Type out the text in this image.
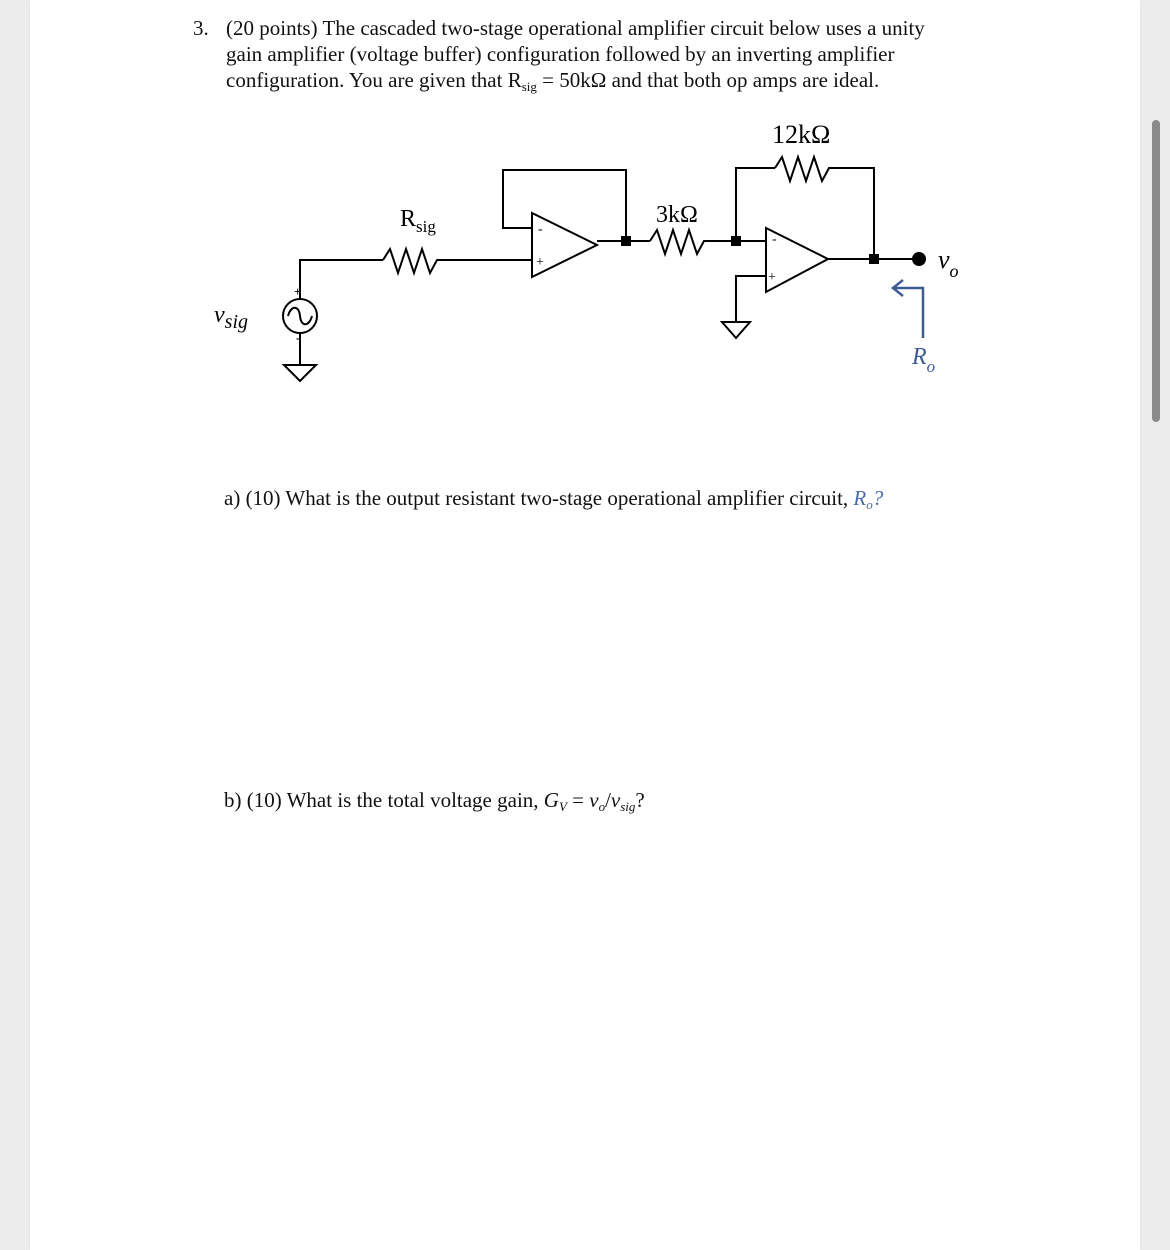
3. (20 points) The cascaded two-stage operational amplifier circuit below uses a unity
gain amplifier (voltage buffer) configuration followed by an inverting amplifier
configuration. You are given that Rsig = 50kΩ and that both op amps are ideal.
-
+
-
+
+
-
$R_{sig}$	3kΩ
12kΩ
$v_{sig}$
$v_o$
$R_o$
a) (10) What is the output resistant two-stage operational amplifier circuit, Ro?
b) (10) What is the total voltage gain, GV = vo/vsig?
